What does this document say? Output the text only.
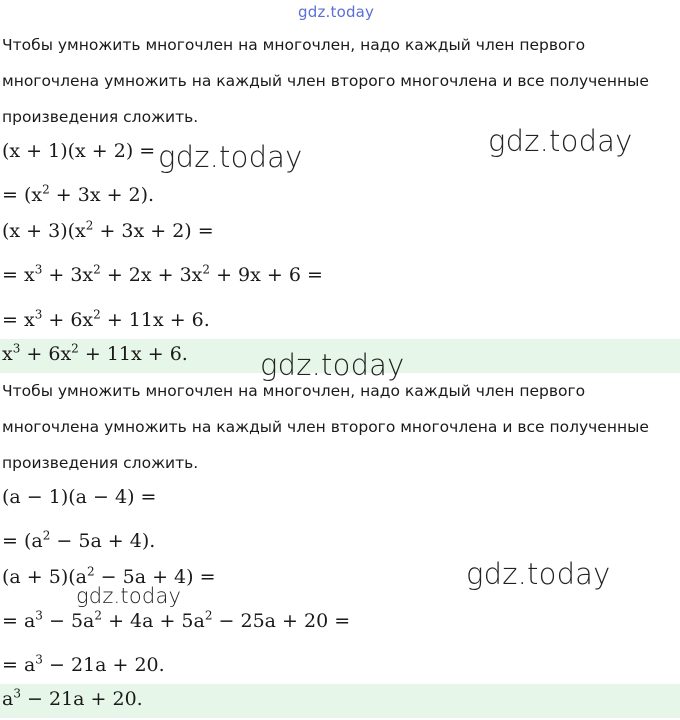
gdz.today
Чтобы умножить многочлен на многочлен, надо каждый член первого
многочлена умножить на каждый член второго многочлена и все полученные
произведения сложить.
(x + 1)(x + 2) =
= $(x^2 + 3x + 2)$.
$(x + 3)(x^2 + 3x + 2)$ =
= $x^3 + 3x^2 + 2x + 3x^2 + 9x + 6$ =
= $x^3 + 6x^2 + 11x + 6$.
$x^3 + 6x^2 + 11x + 6$.
Чтобы умножить многочлен на многочлен, надо каждый член первого
многочлена умножить на каждый член второго многочлена и все полученные
произведения сложить.
(a − 1)(a − 4) =
= $(a^2 - 5a + 4)$.
$(a + 5)(a^2 - 5a + 4)$ =
= $a^3 - 5a^2 + 4a + 5a^2 - 25a + 20$ =
= $a^3 - 21a + 20$.
$a^3 - 21a + 20$.
gdz.today	gdz.today
gdz.today
gdz.today
gdz.today
